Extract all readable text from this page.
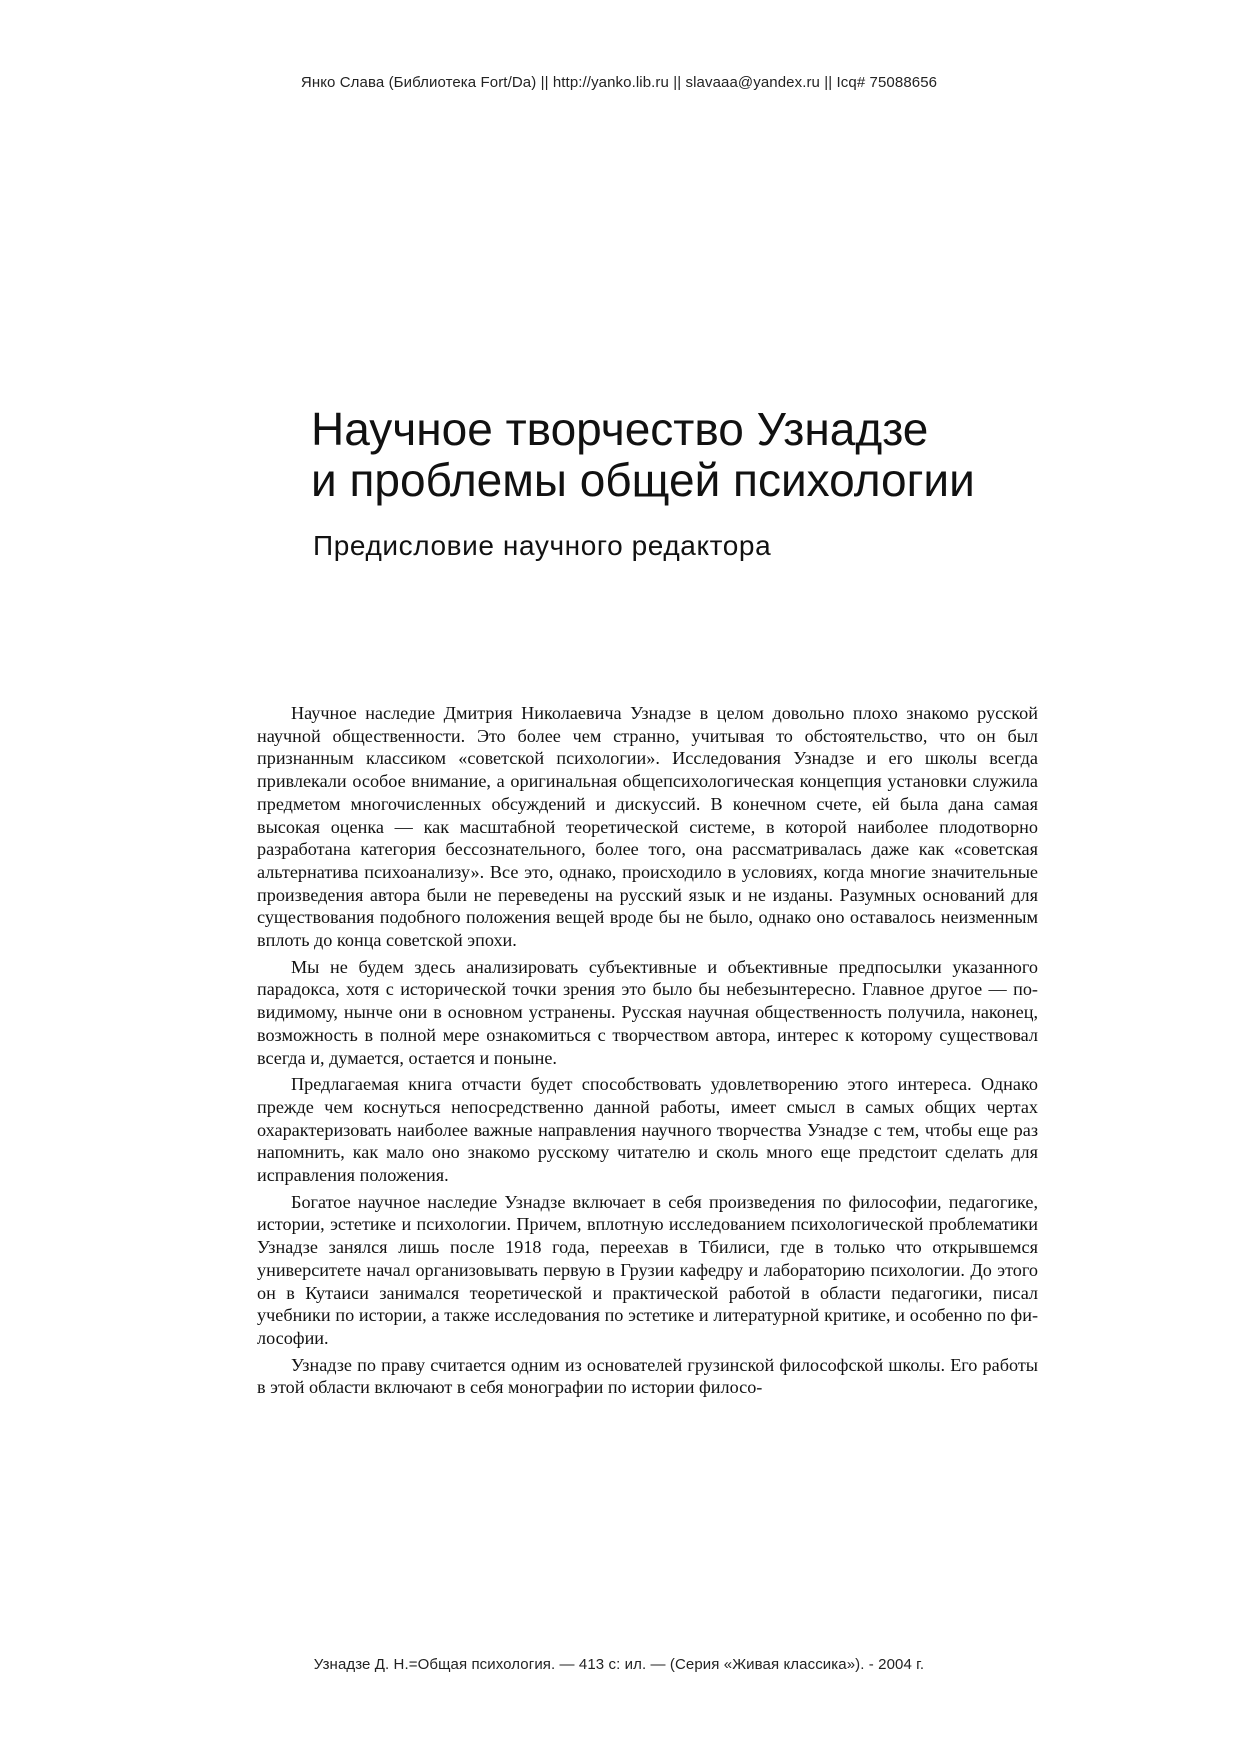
Янко Слава (Библиотека Fort/Da) || http://yanko.lib.ru || slavaaa@yandex.ru || Icq# 75088656
Научное творчество Узнадзе
и проблемы общей психологии
Предисловие научного редактора

Научное наследие Дмитрия Николаевича Узнадзе в целом довольно плохо знакомо русской научной общественности. Это более чем странно, учитывая то обстоятельство, что он был признанным классиком «советской психологии». Исследования Узнадзе и его школы всегда привлекали особое внимание, а оригинальная общепсихологическая концепция установки служила предметом многочисленных обсуждений и дискуссий. В конечном счете, ей была дана самая высокая оценка — как масштабной теоретической системе, в которой наиболее плодотворно разработана категория бессознательного, более того, она рассматривалась даже как «советская альтернатива психоанализу». Все это, однако, происходило в условиях, когда многие значительные произведения автора были не переведены на русский язык и не изданы. Разумных оснований для существования подобного положения вещей вроде бы не было, однако оно оставалось неизменным вплоть до конца советской эпохи.

Мы не будем здесь анализировать субъективные и объективные предпосылки указанного парадокса, хотя с исторической точки зрения это было бы небезынтересно. Главное другое — по-видимому, нынче они в основном устранены. Русская научная общественность получила, наконец, возможность в полной мере ознакомиться с творчеством автора, интерес к которому существовал всегда и, думается, остается и поныне.

Предлагаемая книга отчасти будет способствовать удовлетворению этого интереса. Однако прежде чем коснуться непосредственно данной работы, имеет смысл в самых общих чертах охарактеризовать наиболее важные направления научного творчества Узнадзе с тем, чтобы еще раз напомнить, как мало оно знакомо русскому читателю и сколь много еще предстоит сделать для исправления положения.

Богатое научное наследие Узнадзе включает в себя произведения по философии, педагогике, истории, эстетике и психологии. Причем, вплотную исследованием психологической проблематики Узнадзе занялся лишь после 1918 года, переехав в Тбилиси, где в только что открывшемся университете начал организовывать первую в Грузии кафедру и лабораторию психологии. До этого он в Кутаиси занимался теоретической и практической работой в области педагогики, писал учебники по истории, а также исследования по эстетике и литературной критике, и особенно по философии.

Узнадзе по праву считается одним из основателей грузинской философской школы. Его работы в этой области включают в себя монографии по истории филосо-

Узнадзе Д. Н.=Общая психология. — 413 с: ил. — (Серия «Живая классика»). - 2004 г.
